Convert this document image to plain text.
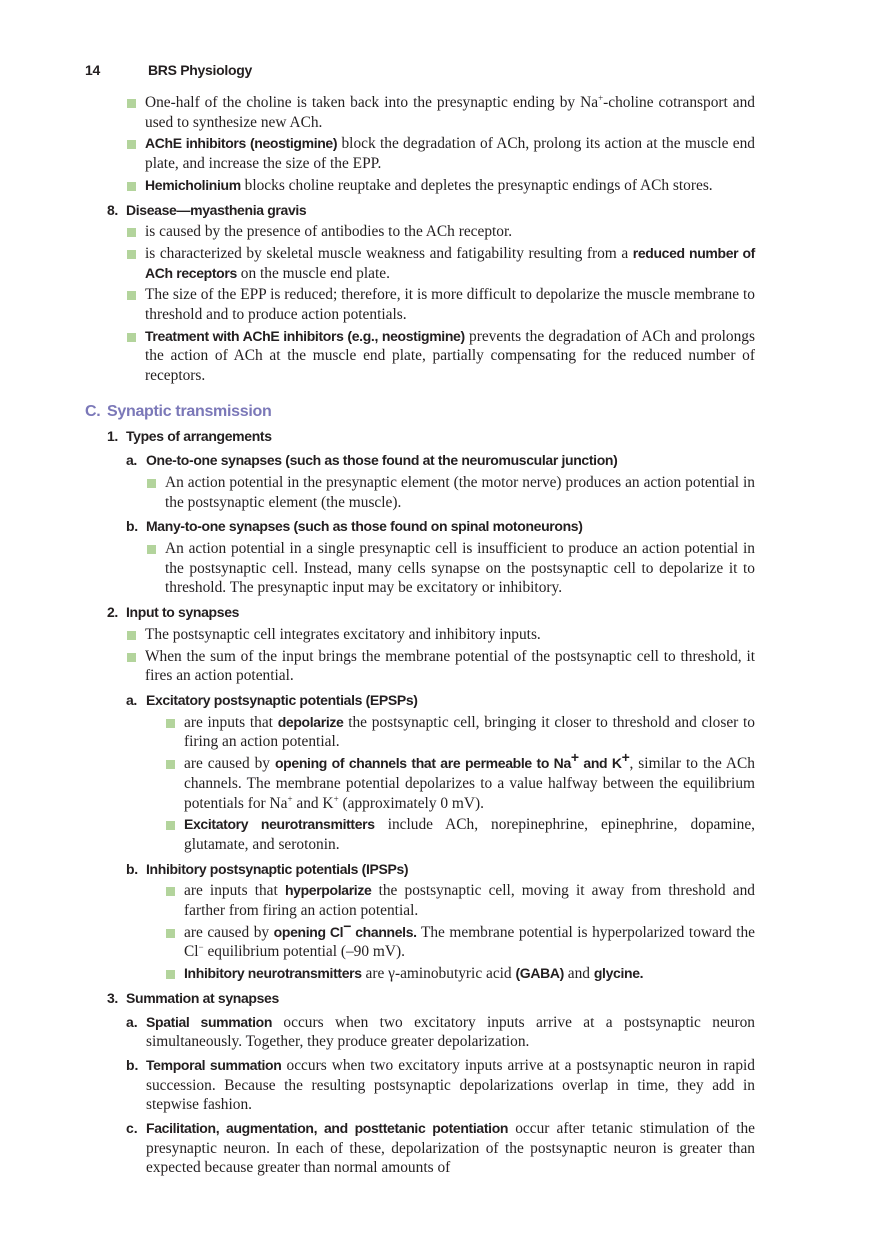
14	BRS Physiology
One-half of the choline is taken back into the presynaptic ending by Na+-choline cotransport and used to synthesize new ACh.
AChE inhibitors (neostigmine) block the degradation of ACh, prolong its action at the muscle end plate, and increase the size of the EPP.
Hemicholinium blocks choline reuptake and depletes the presynaptic endings of ACh stores.
8. Disease—myasthenia gravis
is caused by the presence of antibodies to the ACh receptor.
is characterized by skeletal muscle weakness and fatigability resulting from a reduced number of ACh receptors on the muscle end plate.
The size of the EPP is reduced; therefore, it is more difficult to depolarize the muscle membrane to threshold and to produce action potentials.
Treatment with AChE inhibitors (e.g., neostigmine) prevents the degradation of ACh and prolongs the action of ACh at the muscle end plate, partially compensating for the reduced number of receptors.
C. Synaptic transmission
1. Types of arrangements
a. One-to-one synapses (such as those found at the neuromuscular junction)
An action potential in the presynaptic element (the motor nerve) produces an action potential in the postsynaptic element (the muscle).
b. Many-to-one synapses (such as those found on spinal motoneurons)
An action potential in a single presynaptic cell is insufficient to produce an action potential in the postsynaptic cell. Instead, many cells synapse on the postsynaptic cell to depolarize it to threshold. The presynaptic input may be excitatory or inhibitory.
2. Input to synapses
The postsynaptic cell integrates excitatory and inhibitory inputs.
When the sum of the input brings the membrane potential of the postsynaptic cell to threshold, it fires an action potential.
a. Excitatory postsynaptic potentials (EPSPs)
are inputs that depolarize the postsynaptic cell, bringing it closer to threshold and closer to firing an action potential.
are caused by opening of channels that are permeable to Na+ and K+, similar to the ACh channels. The membrane potential depolarizes to a value halfway between the equilibrium potentials for Na+ and K+ (approximately 0 mV).
Excitatory neurotransmitters include ACh, norepinephrine, epinephrine, dopamine, glutamate, and serotonin.
b. Inhibitory postsynaptic potentials (IPSPs)
are inputs that hyperpolarize the postsynaptic cell, moving it away from threshold and farther from firing an action potential.
are caused by opening Cl− channels. The membrane potential is hyperpolarized toward the Cl− equilibrium potential (–90 mV).
Inhibitory neurotransmitters are γ-aminobutyric acid (GABA) and glycine.
3. Summation at synapses
a. Spatial summation occurs when two excitatory inputs arrive at a postsynaptic neuron simultaneously. Together, they produce greater depolarization.
b. Temporal summation occurs when two excitatory inputs arrive at a postsynaptic neuron in rapid succession. Because the resulting postsynaptic depolarizations overlap in time, they add in stepwise fashion.
c. Facilitation, augmentation, and posttetanic potentiation occur after tetanic stimulation of the presynaptic neuron. In each of these, depolarization of the postsynaptic neuron is greater than expected because greater than normal amounts of
